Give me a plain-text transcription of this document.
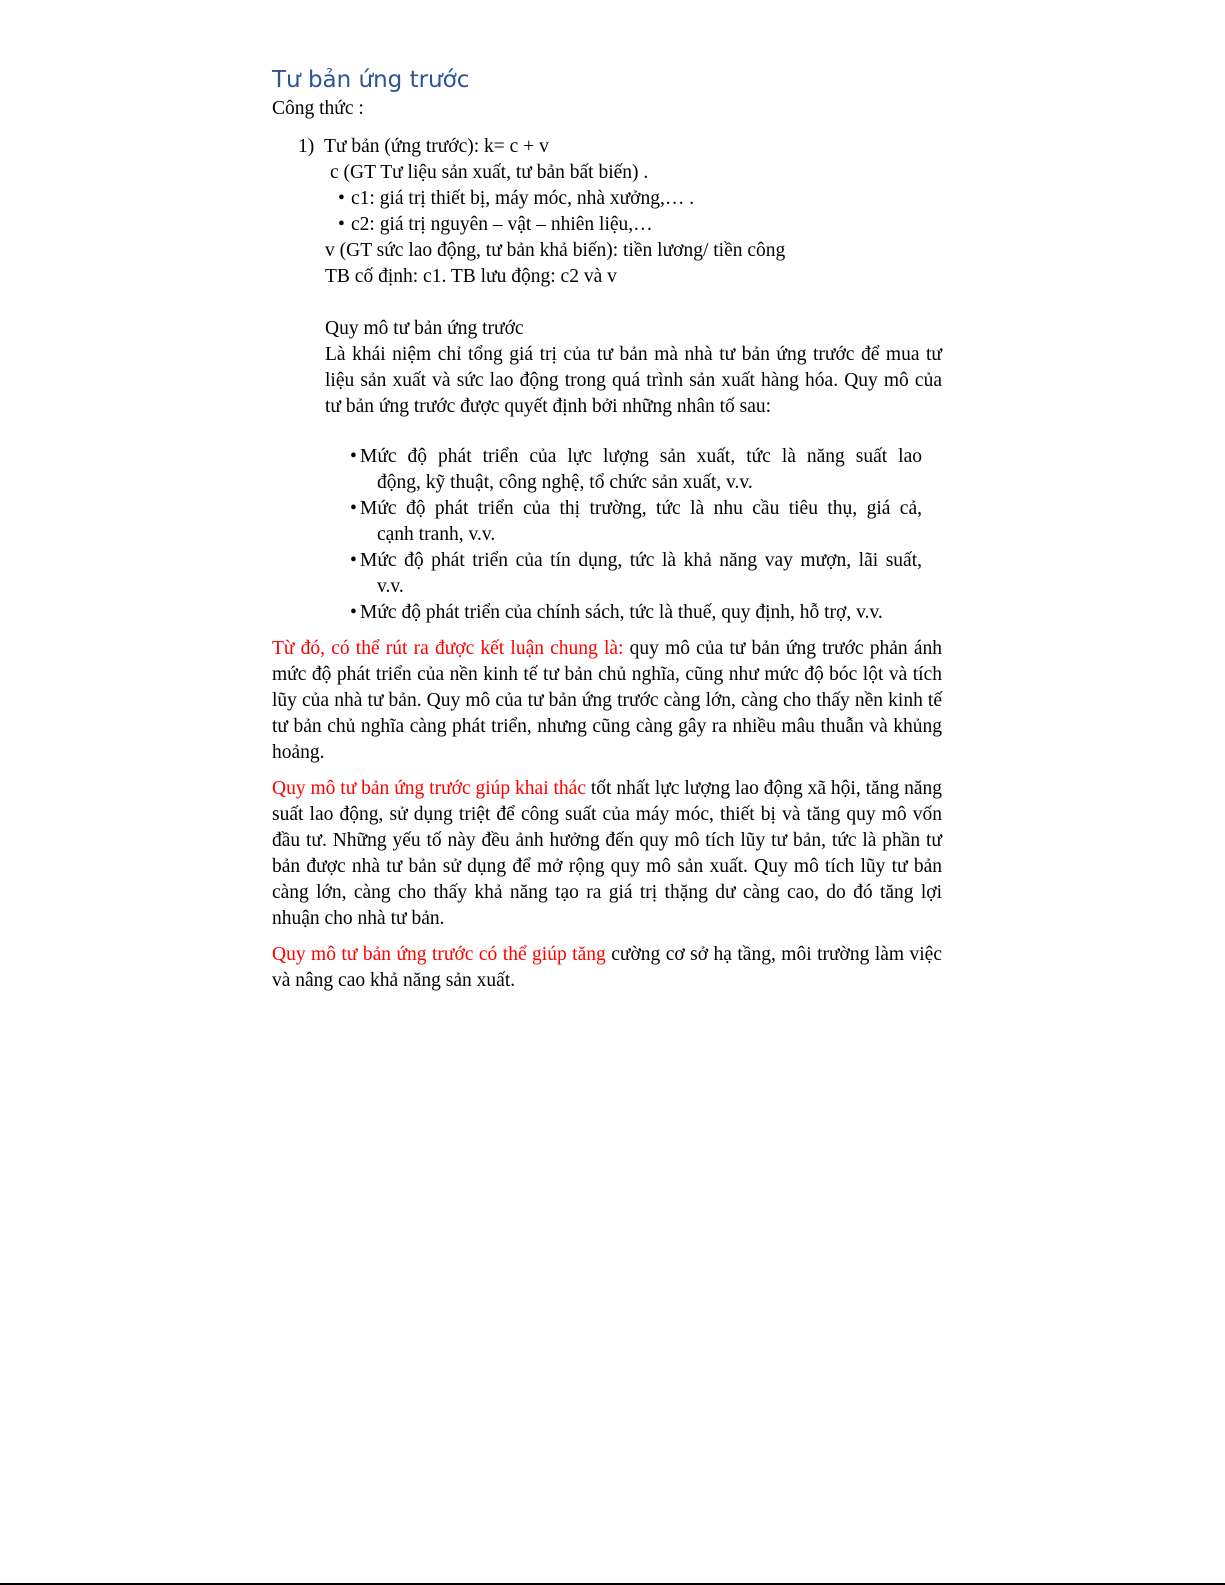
Tư bản ứng trước

Công thức :

1) Tư bản (ứng trước): k= c + v
c (GT Tư liệu sản xuất, tư bản bất biến) .
• c1: giá trị thiết bị, máy móc, nhà xưởng,… .
• c2: giá trị nguyên – vật – nhiên liệu,…
v (GT sức lao động, tư bản khả biến): tiền lương/ tiền công
TB cố định: c1. TB lưu động: c2 và v
Quy mô tư bản ứng trước
Là khái niệm chỉ tổng giá trị của tư bản mà nhà tư bản ứng trước để mua tư liệu sản xuất và sức lao động trong quá trình sản xuất hàng hóa. Quy mô của tư bản ứng trước được quyết định bởi những nhân tố sau:
• Mức độ phát triển của lực lượng sản xuất, tức là năng suất lao
động, kỹ thuật, công nghệ, tổ chức sản xuất, v.v.
• Mức độ phát triển của thị trường, tức là nhu cầu tiêu thụ, giá cả,
cạnh tranh, v.v.
• Mức độ phát triển của tín dụng, tức là khả năng vay mượn, lãi suất,
v.v.
• Mức độ phát triển của chính sách, tức là thuế, quy định, hỗ trợ, v.v.

Từ đó, có thể rút ra được kết luận chung là: quy mô của tư bản ứng trước phản ánh mức độ phát triển của nền kinh tế tư bản chủ nghĩa, cũng như mức độ bóc lột và tích lũy của nhà tư bản. Quy mô của tư bản ứng trước càng lớn, càng cho thấy nền kinh tế tư bản chủ nghĩa càng phát triển, nhưng cũng càng gây ra nhiều mâu thuẫn và khủng hoảng.

Quy mô tư bản ứng trước giúp khai thác tốt nhất lực lượng lao động xã hội, tăng năng suất lao động, sử dụng triệt để công suất của máy móc, thiết bị và tăng quy mô vốn đầu tư. Những yếu tố này đều ảnh hưởng đến quy mô tích lũy tư bản, tức là phần tư bản được nhà tư bản sử dụng để mở rộng quy mô sản xuất. Quy mô tích lũy tư bản càng lớn, càng cho thấy khả năng tạo ra giá trị thặng dư càng cao, do đó tăng lợi nhuận cho nhà tư bản.

Quy mô tư bản ứng trước có thể giúp tăng cường cơ sở hạ tầng, môi trường làm việc và nâng cao khả năng sản xuất.
